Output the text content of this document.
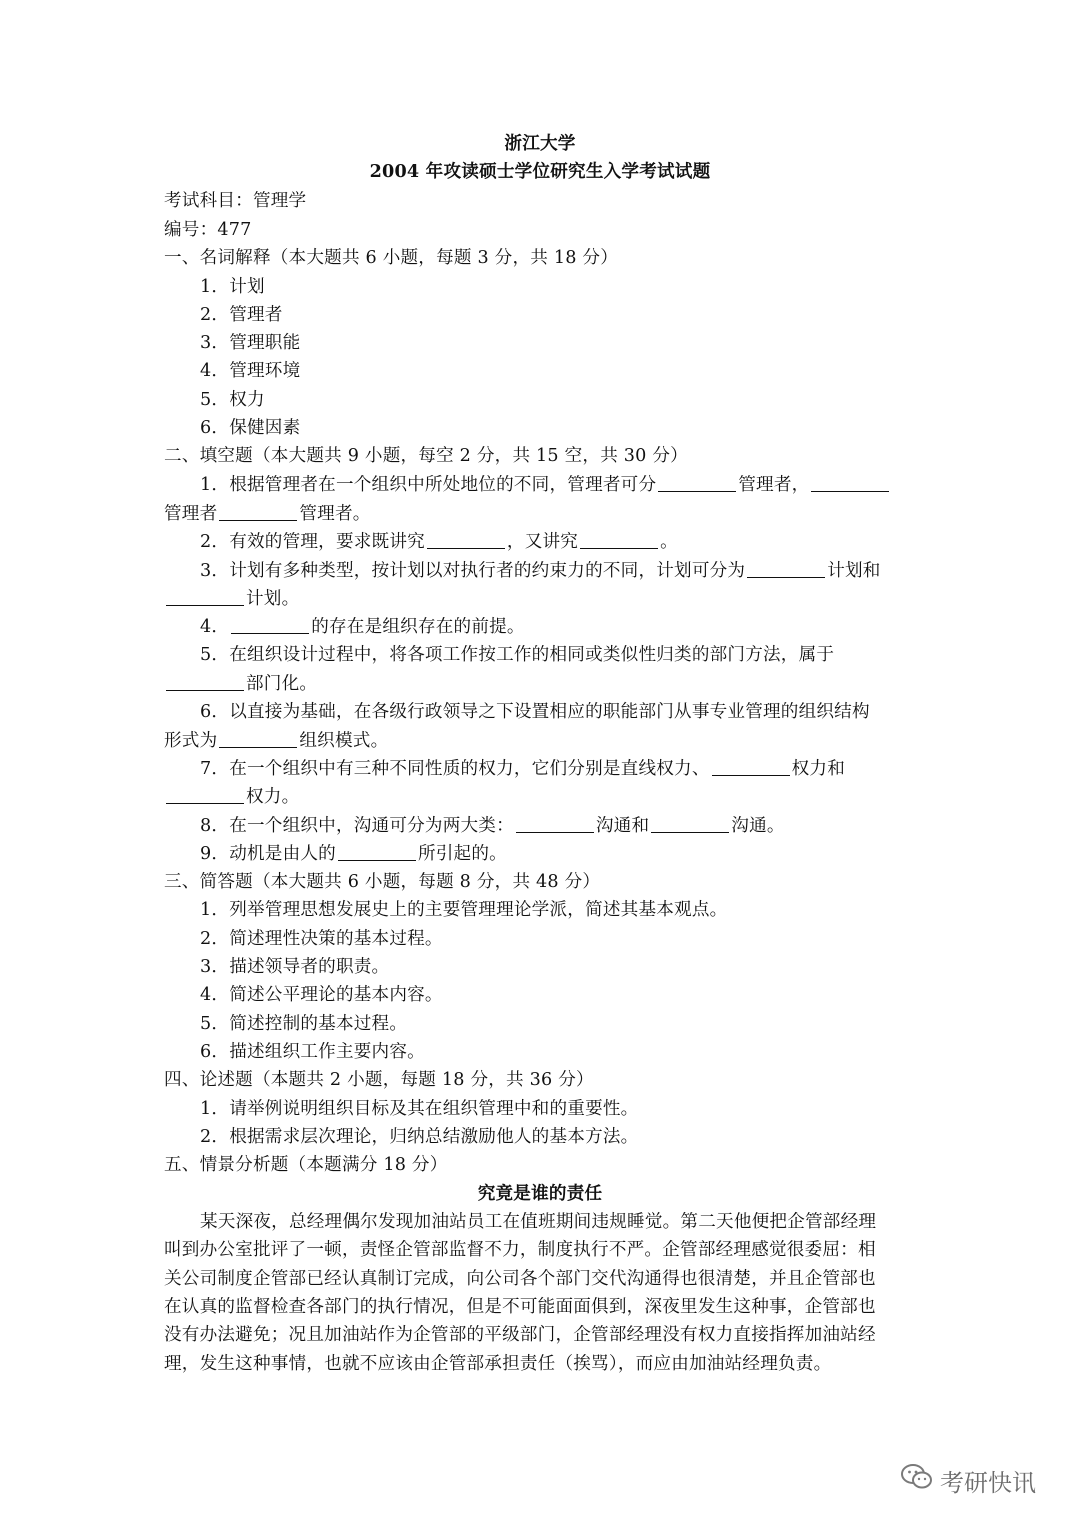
浙江大学
2004 年攻读硕士学位研究生入学考试试题
考试科目：管理学
编号：477
一、名词解释（本大题共 6 小题，每题 3 分，共 18 分）
1．计划
2．管理者
3．管理职能
4．管理环境
5．权力
6．保健因素
二、填空题（本大题共 9 小题，每空 2 分，共 15 空，共 30 分）
1．根据管理者在一个组织中所处地位的不同，管理者可分	管理者，
管理者	管理者。
2．有效的管理，要求既讲究	，又讲究	。
3．计划有多种类型，按计划以对执行者的约束力的不同，计划可分为	计划和
计划。
4．	的存在是组织存在的前提。
5．在组织设计过程中，将各项工作按工作的相同或类似性归类的部门方法，属于
部门化。
6．以直接为基础，在各级行政领导之下设置相应的职能部门从事专业管理的组织结构
形式为	组织模式。
7．在一个组织中有三种不同性质的权力，它们分别是直线权力、	权力和
权力。
8．在一个组织中，沟通可分为两大类：	沟通和	沟通。
9．动机是由人的	所引起的。
三、简答题（本大题共 6 小题，每题 8 分，共 48 分）
1．列举管理思想发展史上的主要管理理论学派，简述其基本观点。
2．简述理性决策的基本过程。
3．描述领导者的职责。
4．简述公平理论的基本内容。
5．简述控制的基本过程。
6．描述组织工作主要内容。
四、论述题（本题共 2 小题，每题 18 分，共 36 分）
1．请举例说明组织目标及其在组织管理中和的重要性。
2．根据需求层次理论，归纳总结激励他人的基本方法。
五、情景分析题（本题满分 18 分）
究竟是谁的责任
某天深夜，总经理偶尔发现加油站员工在值班期间违规睡觉。第二天他便把企管部经理
叫到办公室批评了一顿，责怪企管部监督不力，制度执行不严。企管部经理感觉很委屈：相
关公司制度企管部已经认真制订完成，向公司各个部门交代沟通得也很清楚，并且企管部也
在认真的监督检查各部门的执行情况，但是不可能面面俱到，深夜里发生这种事，企管部也
没有办法避免；况且加油站作为企管部的平级部门，企管部经理没有权力直接指挥加油站经
理，发生这种事情，也就不应该由企管部承担责任（挨骂），而应由加油站经理负责。
考研快讯
